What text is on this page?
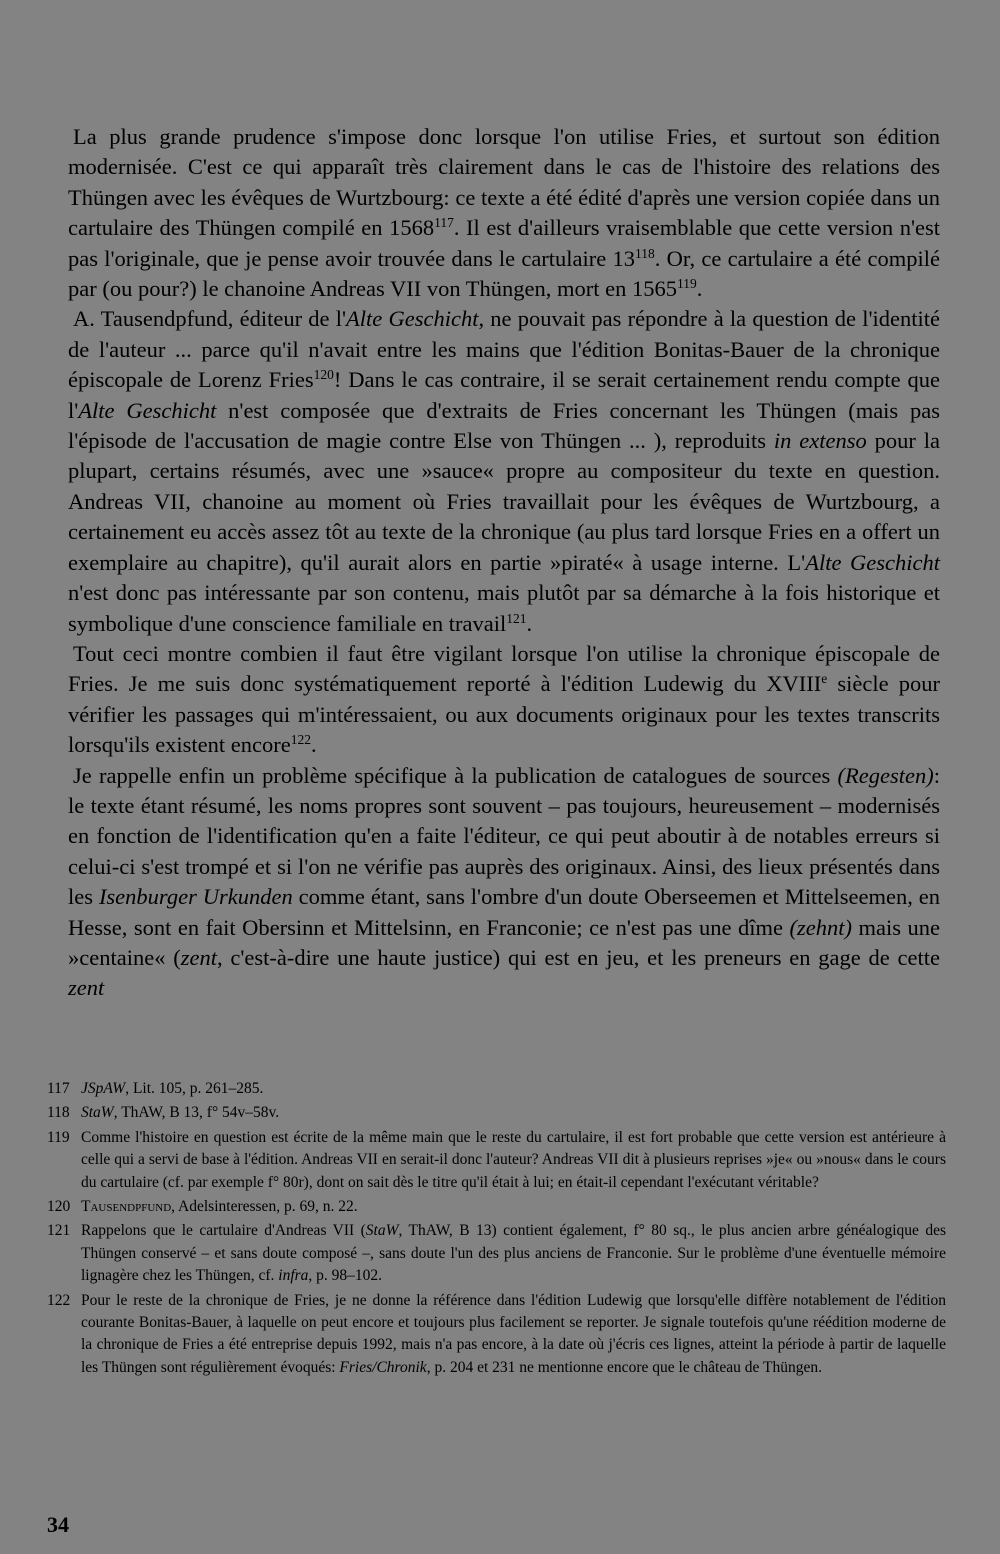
La plus grande prudence s'impose donc lorsque l'on utilise Fries, et surtout son édition modernisée. C'est ce qui apparaît très clairement dans le cas de l'histoire des relations des Thüngen avec les évêques de Wurtzbourg: ce texte a été édité d'après une version copiée dans un cartulaire des Thüngen compilé en 1568$^{117}$. Il est d'ailleurs vraisemblable que cette version n'est pas l'originale, que je pense avoir trouvée dans le cartulaire $13^{118}$. Or, ce cartulaire a été compilé par (ou pour?) le chanoine Andreas VII von Thüngen, mort en 1565$^{119}$.

A. Tausendpfund, éditeur de l'Alte Geschicht, ne pouvait pas répondre à la question de l'identité de l'auteur ... parce qu'il n'avait entre les mains que l'édition Bonitas-Bauer de la chronique épiscopale de Lorenz Fries$^{120}$! Dans le cas contraire, il se serait certainement rendu compte que l'Alte Geschicht n'est composée que d'extraits de Fries concernant les Thüngen (mais pas l'épisode de l'accusation de magie contre Else von Thüngen ... ), reproduits in extenso pour la plupart, certains résumés, avec une »sauce« propre au compositeur du texte en question. Andreas VII, chanoine au moment où Fries travaillait pour les évêques de Wurtzbourg, a certainement eu accès assez tôt au texte de la chronique (au plus tard lorsque Fries en a offert un exemplaire au chapitre), qu'il aurait alors en partie »piraté« à usage interne. L'Alte Geschicht n'est donc pas intéressante par son contenu, mais plutôt par sa démarche à la fois historique et symbolique d'une conscience familiale en travail$^{121}$.

Tout ceci montre combien il faut être vigilant lorsque l'on utilise la chronique épiscopale de Fries. Je me suis donc systématiquement reporté à l'édition Ludewig du XVIIIe siècle pour vérifier les passages qui m'intéressaient, ou aux documents originaux pour les textes transcrits lorsqu'ils existent encore$^{122}$.

Je rappelle enfin un problème spécifique à la publication de catalogues de sources (Regesten): le texte étant résumé, les noms propres sont souvent – pas toujours, heureusement – modernisés en fonction de l'identification qu'en a faite l'éditeur, ce qui peut aboutir à de notables erreurs si celui-ci s'est trompé et si l'on ne vérifie pas auprès des originaux. Ainsi, des lieux présentés dans les Isenburger Urkunden comme étant, sans l'ombre d'un doute Oberseemen et Mittelseemen, en Hesse, sont en fait Obersinn et Mittelsinn, en Franconie; ce n'est pas une dîme (zehnt) mais une »centaine« (zent, c'est-à-dire une haute justice) qui est en jeu, et les preneurs en gage de cette zent

117 JSpAW, Lit. 105, p. 261–285.
118 StaW, ThAW, B 13, f° 54v–58v.
119 Comme l'histoire en question est écrite de la même main que le reste du cartulaire, il est fort probable que cette version est antérieure à celle qui a servi de base à l'édition. Andreas VII en serait-il donc l'auteur? Andreas VII dit à plusieurs reprises »je« ou »nous« dans le cours du cartulaire (cf. par exemple f° 80r), dont on sait dès le titre qu'il était à lui; en était-il cependant l'exécutant véritable?
120 Tausendpfund, Adelsinteressen, p. 69, n. 22.
121 Rappelons que le cartulaire d'Andreas VII (StaW, ThAW, B 13) contient également, f° 80 sq., le plus ancien arbre généalogique des Thüngen conservé – et sans doute composé –, sans doute l'un des plus anciens de Franconie. Sur le problème d'une éventuelle mémoire lignagère chez les Thüngen, cf. infra, p. 98–102.
122 Pour le reste de la chronique de Fries, je ne donne la référence dans l'édition Ludewig que lorsqu'elle diffère notablement de l'édition courante Bonitas-Bauer, à laquelle on peut encore et toujours plus facilement se reporter. Je signale toutefois qu'une réédition moderne de la chronique de Fries a été entreprise depuis 1992, mais n'a pas encore, à la date où j'écris ces lignes, atteint la période à partir de laquelle les Thüngen sont régulièrement évoqués: Fries/Chronik, p. 204 et 231 ne mentionne encore que le château de Thüngen.
34
